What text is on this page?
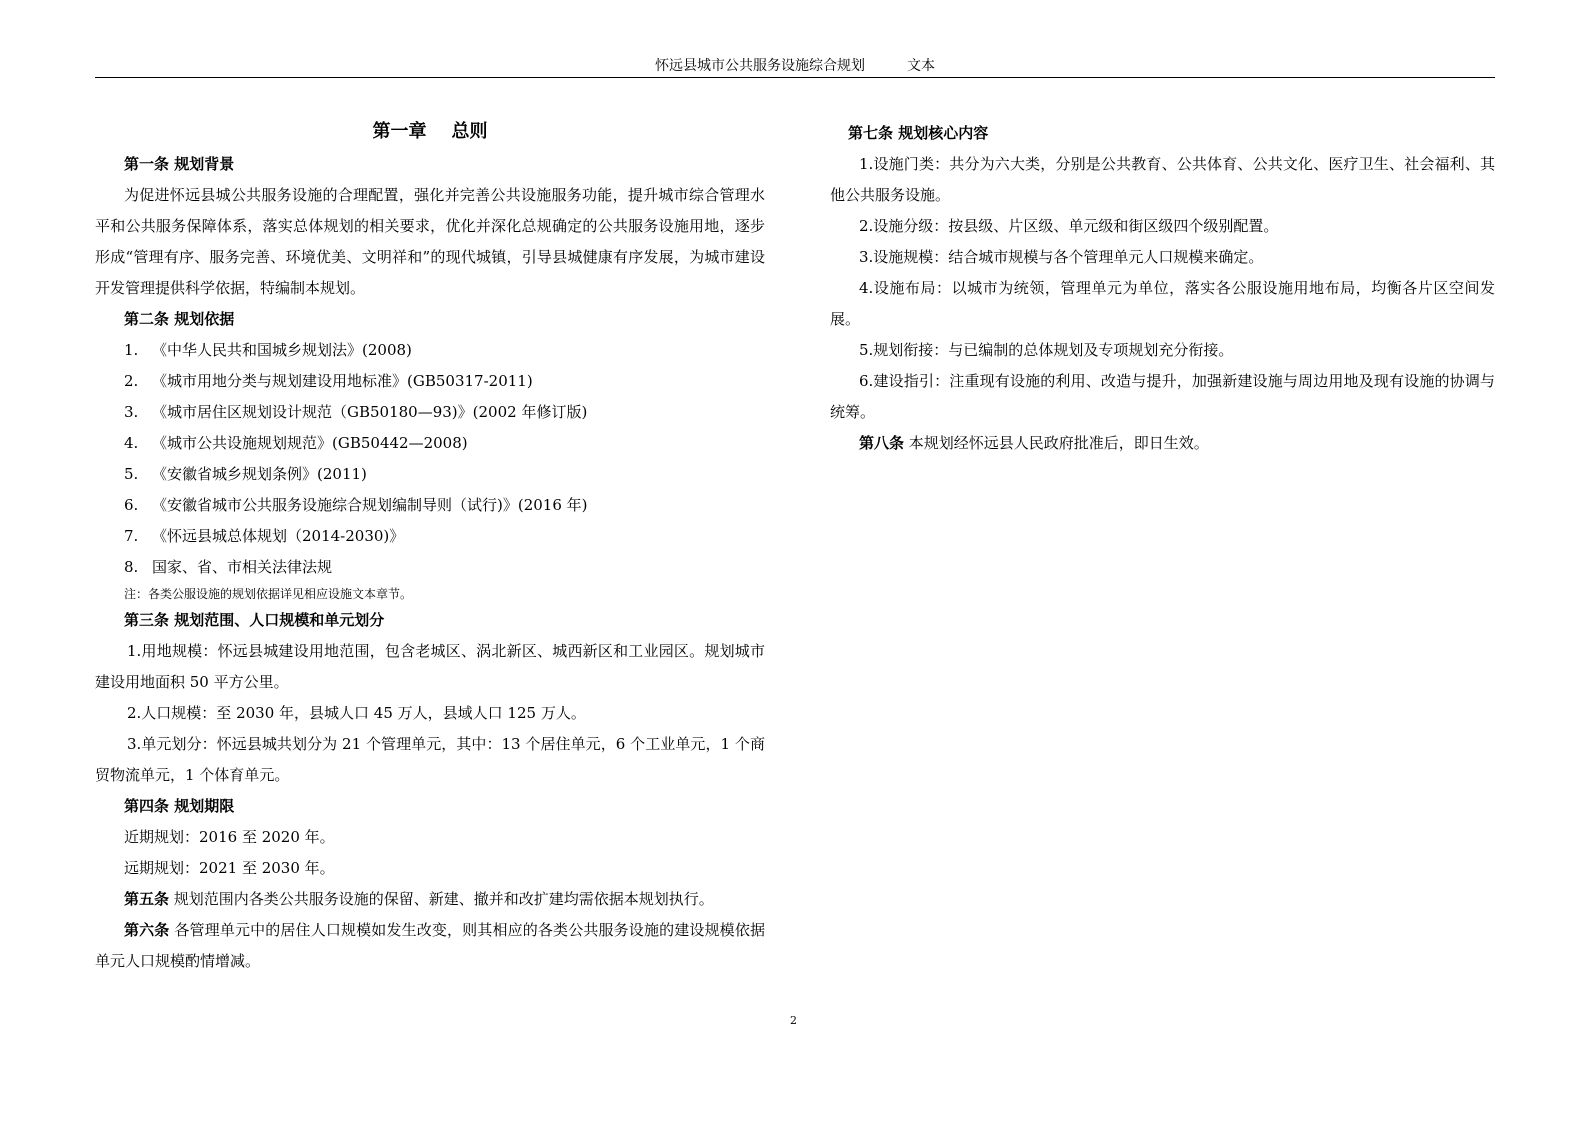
怀远县城市公共服务设施综合规划	文本
第一章 总则
第一条 规划背景
为促进怀远县城公共服务设施的合理配置，强化并完善公共设施服务功能，提升城市综合管理水平和公共服务保障体系，落实总体规划的相关要求，优化并深化总规确定的公共服务设施用地，逐步形成“管理有序、服务完善、环境优美、文明祥和”的现代城镇，引导县城健康有序发展，为城市建设开发管理提供科学依据，特编制本规划。
第二条 规划依据
1. 《中华人民共和国城乡规划法》(2008)
2. 《城市用地分类与规划建设用地标准》(GB50317-2011)
3. 《城市居住区规划设计规范（GB50180—93)》(2002 年修订版)
4. 《城市公共设施规划规范》(GB50442—2008)
5. 《安徽省城乡规划条例》(2011)
6. 《安徽省城市公共服务设施综合规划编制导则（试行)》(2016 年)
7. 《怀远县城总体规划（2014-2030)》
8. 国家、省、市相关法律法规
注：各类公服设施的规划依据详见相应设施文本章节。
第三条 规划范围、人口规模和单元划分
1.用地规模：怀远县城建设用地范围，包含老城区、涡北新区、城西新区和工业园区。规划城市建设用地面积 50 平方公里。
2.人口规模：至 2030 年，县城人口 45 万人，县域人口 125 万人。
3.单元划分：怀远县城共划分为 21 个管理单元，其中：13 个居住单元，6 个工业单元，1 个商贸物流单元，1 个体育单元。
第四条 规划期限
近期规划：2016 至 2020 年。
远期规划：2021 至 2030 年。
第五条 规划范围内各类公共服务设施的保留、新建、撤并和改扩建均需依据本规划执行。
第六条 各管理单元中的居住人口规模如发生改变，则其相应的各类公共服务设施的建设规模依据单元人口规模酌情增减。
第七条 规划核心内容
1.设施门类：共分为六大类，分别是公共教育、公共体育、公共文化、医疗卫生、社会福利、其他公共服务设施。
2.设施分级：按县级、片区级、单元级和街区级四个级别配置。
3.设施规模：结合城市规模与各个管理单元人口规模来确定。
4.设施布局：以城市为统领，管理单元为单位，落实各公服设施用地布局，均衡各片区空间发展。
5.规划衔接：与已编制的总体规划及专项规划充分衔接。
6.建设指引：注重现有设施的利用、改造与提升，加强新建设施与周边用地及现有设施的协调与统筹。
第八条 本规划经怀远县人民政府批准后，即日生效。
2
